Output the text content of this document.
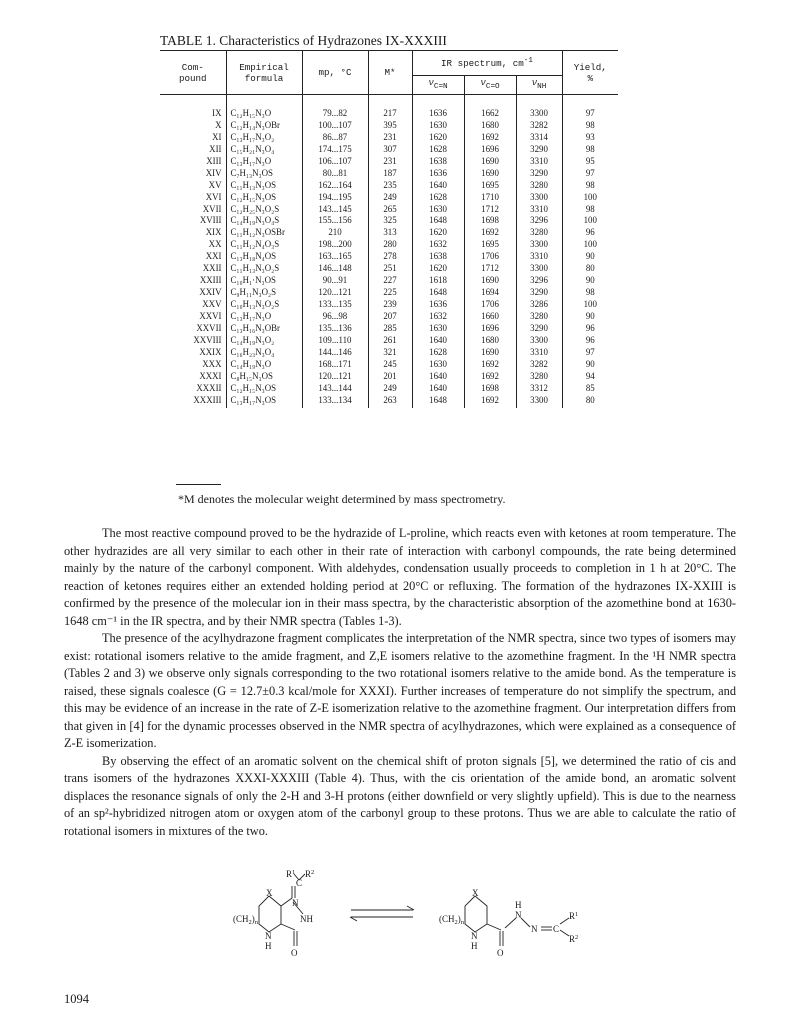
TABLE 1. Characteristics of Hydrazones IX-XXXIII
Com-
pound	Empirical
formula	mp, °C	M*	IR spectrum, $cm^{-1}$			Yield,
%
				$\nu_{C=N}$	$\nu_{C=O}$	$\nu_{NH}$
IX	C₁₂H₁₅N₃O	79...82	217	1636	1662	3300	97
X	C₁₂H₁₄N₃OBr	100...107	395	1630	1680	3282	98
XI	C₁₃H₁₇N₃O₂	86...87	231	1620	1692	3314	93
XII	C₁₅H₂₁N₃O₄	174...175	307	1628	1696	3290	98
XIII	C₁₃H₁₇N₃O	106...107	231	1638	1690	3310	95
XIV	C₇H₁₃N₃OS	80...81	187	1636	1690	3290	97
XV	C₁₁H₁₃N₃OS	162...164	235	1640	1695	3280	98
XVI	C₁₂H₁₅N₃OS	194...195	249	1628	1710	3300	100
XVII	C₁₂H₂₅N₃O₂S	143...145	265	1630	1712	3310	98
XVIII	C₁₄H₁₉N₃O₄S	155...156	325	1648	1698	3296	100
XIX	C₁₁H₁₂N₃OSBr	210	313	1620	1692	3280	96
XX	C₁₁H₁₂N₄O₃S	198...200	280	1632	1695	3300	100
XXI	C₁₃H₁₈N₄OS	163...165	278	1638	1706	3310	90
XXII	C₁₁H₁₃N₃O₂S	146...148	251	1620	1712	3300	80
XXIII	C₁₀H₁·N₃OS	90...91	227	1618	1690	3296	90
XXIV	C₉H₁₁N₃O₂S	120...121	225	1648	1694	3290	98
XXV	C₁₀H₁₃N₃O₂S	133...135	239	1636	1706	3286	100
XXVI	C₁₃H₁₇N₃O	96...98	207	1632	1660	3280	90
XXVII	C₁₃H₁₆N₃OBr	135...136	285	1630	1696	3290	96
XXVIII	C₁₄H₁₉N₃O₂	109...110	261	1640	1680	3300	96
XXIX	C₁₆H₂₃N₃O₄	144...146	321	1628	1690	3310	97
XXX	C₁₄H₁₉N₃O	168...171	245	1630	1692	3282	90
XXXI	C₈H₁₅N₃OS	120...121	201	1640	1692	3280	94
XXXII	C₁₂H₁₅N₃OS	143...144	249	1640	1698	3312	85
XXXIII	C₁₃H₁₇N₃OS	133...134	263	1648	1692	3300	80
*M denotes the molecular weight determined by mass spectrometry.

The most reactive compound proved to be the hydrazide of L-proline, which reacts even with ketones at room temperature. The other hydrazides are all very similar to each other in their rate of interaction with carbonyl compounds, the rate being determined mainly by the nature of the carbonyl component. With aldehydes, condensation usually proceeds to completion in 1 h at 20°C. The reaction of ketones requires either an extended holding period at 20°C or refluxing. The formation of the hydrazones IX-XXIII is confirmed by the presence of the molecular ion in their mass spectra, by the characteristic absorption of the azomethine bond at 1630-1648 cm⁻¹ in the IR spectra, and by their NMR spectra (Tables 1-3).

The presence of the acylhydrazone fragment complicates the interpretation of the NMR spectra, since two types of isomers may exist: rotational isomers relative to the amide fragment, and Z,E isomers relative to the azomethine fragment. In the ¹H NMR spectra (Tables 2 and 3) we observe only signals corresponding to the two rotational isomers relative to the amide bond. As the temperature is raised, these signals coalesce (G = 12.7±0.3 kcal/mole for XXXI). Further increases of temperature do not simplify the spectrum, and this may be evidence of an increase in the rate of Z-E isomerization relative to the azomethine fragment. Our interpretation differs from that given in [4] for the dynamic processes observed in the NMR spectra of acylhydrazones, which were explained as a consequence of Z-E isomerization.

By observing the effect of an aromatic solvent on the chemical shift of proton signals [5], we determined the ratio of cis and trans isomers of the hydrazones XXXI-XXXIII (Table 4). Thus, with the cis orientation of the amide bond, an aromatic solvent displaces the resonance signals of only the 2-H and 3-H protons (either downfield or very slightly upfield). This is due to the nearness of an sp²-hybridized nitrogen atom or oxygen atom of the carbonyl group to these protons. Thus we are able to calculate the ratio of rotational isomers in mixtures of the two.

$R^1$ $R^2$
C
N
NH
X
$(CH_2)_n$
N
H
O
X
$(CH_2)_n$
H
N
N C
$R^1$
$R^2$
N
H
O
1094
